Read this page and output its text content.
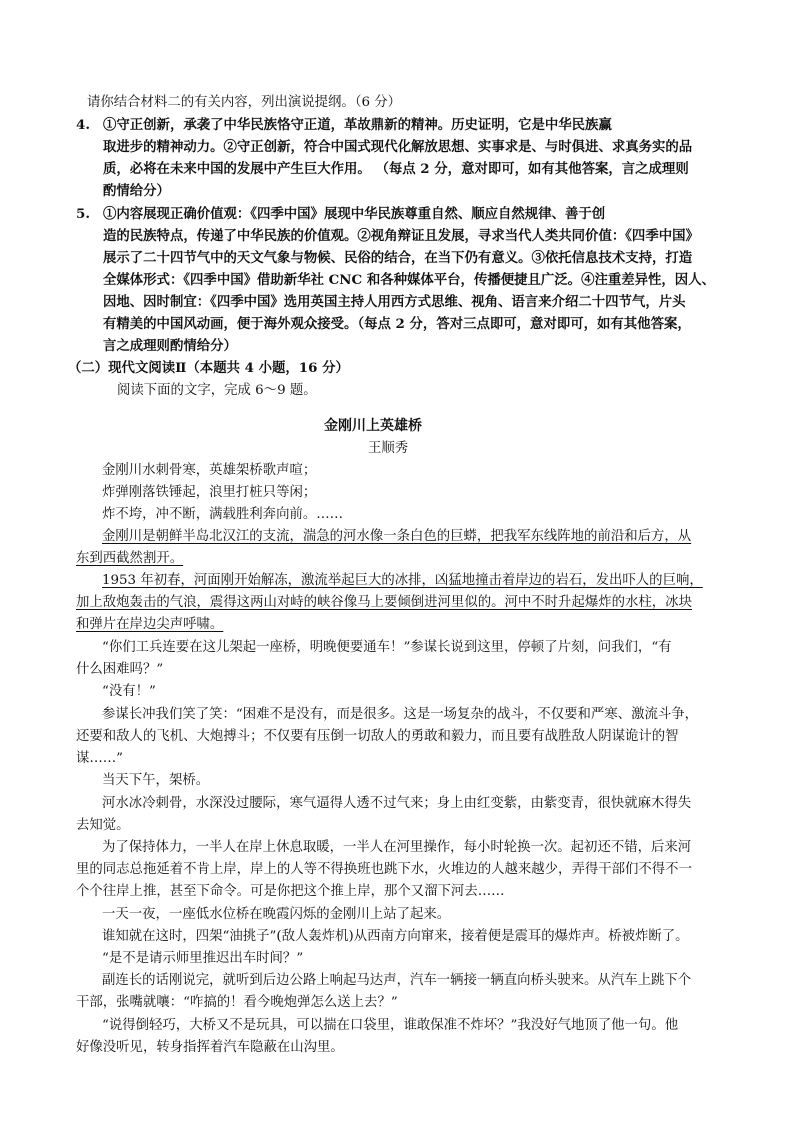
请你结合材料二的有关内容，列出演说提纲。（6 分）
4. ①守正创新，承袭了中华民族恪守正道，革故鼎新的精神。历史证明，它是中华民族赢
取进步的精神动力。②守正创新，符合中国式现代化解放思想、实事求是、与时俱进、求真务实的品
质，必将在未来中国的发展中产生巨大作用。 （每点 2 分，意对即可，如有其他答案，言之成理则
酌情给分）
5. ①内容展现正确价值观：《四季中国》展现中华民族尊重自然、顺应自然规律、善于创
造的民族特点，传递了中华民族的价值观。②视角辩证且发展，寻求当代人类共同价值：《四季中国》
展示了二十四节气中的天文气象与物候、民俗的结合，在当下仍有意义。③依托信息技术支持，打造
全媒体形式：《四季中国》借助新华社 CNC 和各种媒体平台，传播便捷且广泛。④注重差异性，因人、
因地、因时制宜：《四季中国》选用英国主持人用西方式思维、视角、语言来介绍二十四节气，片头
有精美的中国风动画，便于海外观众接受。（每点 2 分，答对三点即可，意对即可，如有其他答案，
言之成理则酌情给分）
（二）现代文阅读Ⅱ（本题共 4 小题，16 分）
阅读下面的文字，完成 6～9 题。
金刚川上英雄桥
王顺秀
金刚川水刺骨寒，英雄架桥歌声喧；
炸弹刚落铁锤起，浪里打桩只等闲；
炸不垮，冲不断，满载胜利奔向前。……
金刚川是朝鲜半岛北汉江的支流，湍急的河水像一条白色的巨蟒，把我军东线阵地的前沿和后方，从
东到西截然割开。
1953 年初春，河面刚开始解冻，激流举起巨大的冰排，凶猛地撞击着岸边的岩石，发出吓人的巨响，
加上敌炮轰击的气浪，震得这两山对峙的峡谷像马上要倾倒进河里似的。河中不时升起爆炸的水柱，冰块
和弹片在岸边尖声呼啸。
“你们工兵连要在这儿架起一座桥，明晚便要通车！”参谋长说到这里，停顿了片刻，问我们，“有
什么困难吗？”
“没有！”
参谋长冲我们笑了笑：“困难不是没有，而是很多。这是一场复杂的战斗，不仅要和严寒、激流斗争，
还要和敌人的飞机、大炮搏斗；不仅要有压倒一切敌人的勇敢和毅力，而且要有战胜敌人阴谋诡计的智
谋……”
当天下午，架桥。
河水冰冷刺骨，水深没过腰际，寒气逼得人透不过气来；身上由红变紫，由紫变青，很快就麻木得失
去知觉。
为了保持体力，一半人在岸上休息取暖，一半人在河里操作，每小时轮换一次。起初还不错，后来河
里的同志总拖延着不肯上岸，岸上的人等不得换班也跳下水，火堆边的人越来越少，弄得干部们不得不一
个个往岸上推，甚至下命令。可是你把这个推上岸，那个又溜下河去……
一天一夜，一座低水位桥在晚霞闪烁的金刚川上站了起来。
谁知就在这时，四架“油挑子”(敌人轰炸机)从西南方向窜来，接着便是震耳的爆炸声。桥被炸断了。
“是不是请示师里推迟出车时间？”
副连长的话刚说完，就听到后边公路上响起马达声，汽车一辆接一辆直向桥头驶来。从汽车上跳下个
干部，张嘴就嚷：“咋搞的！看今晚炮弹怎么送上去？”
“说得倒轻巧，大桥又不是玩具，可以揣在口袋里，谁敢保准不炸坏？”我没好气地顶了他一句。他
好像没听见，转身指挥着汽车隐蔽在山沟里。
